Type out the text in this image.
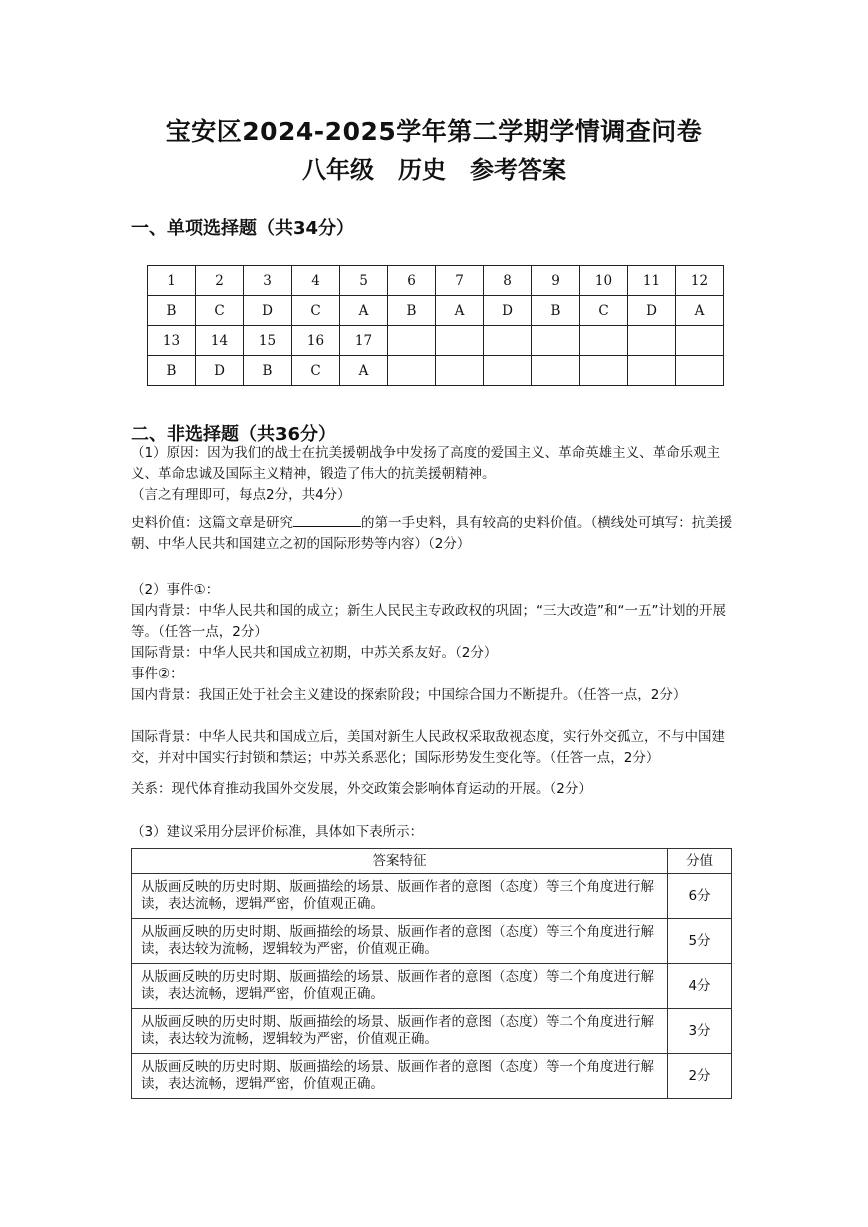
宝安区2024-2025学年第二学期学情调查问卷
八年级　历史　参考答案
一、单项选择题（共34分）
1	2	3	4	5	6	7	8	9	10	11	12
B	C	D	C	A	B	A	D	B	C	D	A
13	14	15	16	17							
B	D	B	C	A							
二、非选择题（共36分）
（1）原因：因为我们的战士在抗美援朝战争中发扬了高度的爱国主义、革命英雄主义、革命乐观主义、革命忠诚及国际主义精神，锻造了伟大的抗美援朝精神。
（言之有理即可，每点2分，共4分）
史料价值：这篇文章是研究	的第一手史料，具有较高的史料价值。（横线处可填写：抗美援朝、中华人民共和国建立之初的国际形势等内容）（2分）
（2）事件①：
国内背景：中华人民共和国的成立；新生人民民主专政政权的巩固；“三大改造”和“一五”计划的开展等。（任答一点，2分）
国际背景：中华人民共和国成立初期，中苏关系友好。（2分）
事件②：
国内背景：我国正处于社会主义建设的探索阶段；中国综合国力不断提升。（任答一点，2分）
国际背景：中华人民共和国成立后，美国对新生人民政权采取敌视态度，实行外交孤立，不与中国建交，并对中国实行封锁和禁运；中苏关系恶化；国际形势发生变化等。（任答一点，2分）
关系：现代体育推动我国外交发展，外交政策会影响体育运动的开展。（2分）
（3）建议采用分层评价标准，具体如下表所示：
答案特征	分值
从版画反映的历史时期、版画描绘的场景、版画作者的意图（态度）等三个角度进行解读，表达流畅，逻辑严密，价值观正确。	6分
从版画反映的历史时期、版画描绘的场景、版画作者的意图（态度）等三个角度进行解读，表达较为流畅，逻辑较为严密，价值观正确。	5分
从版画反映的历史时期、版画描绘的场景、版画作者的意图（态度）等二个角度进行解读，表达流畅，逻辑严密，价值观正确。	4分
从版画反映的历史时期、版画描绘的场景、版画作者的意图（态度）等二个角度进行解读，表达较为流畅，逻辑较为严密，价值观正确。	3分
从版画反映的历史时期、版画描绘的场景、版画作者的意图（态度）等一个角度进行解读，表达流畅，逻辑严密，价值观正确。	2分
